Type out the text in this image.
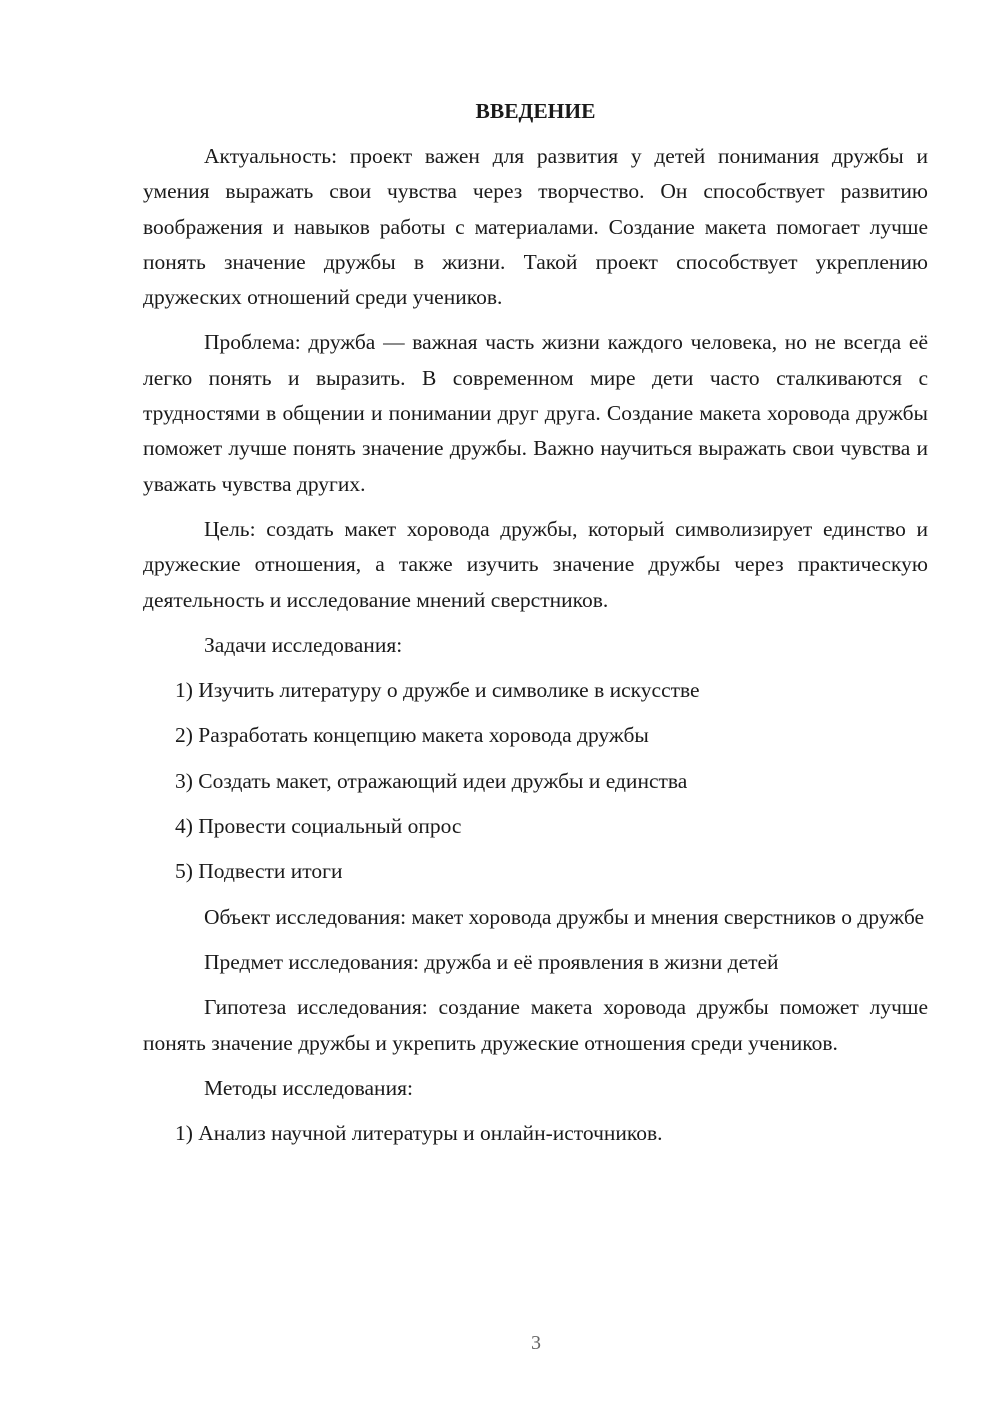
ВВЕДЕНИЕ

Актуальность: проект важен для развития у детей понимания дружбы и умения выражать свои чувства через творчество. Он способствует развитию воображения и навыков работы с материалами. Создание макета помогает лучше понять значение дружбы в жизни. Такой проект способствует укреплению дружеских отношений среди учеников.

Проблема: дружба — важная часть жизни каждого человека, но не всегда её легко понять и выразить. В современном мире дети часто сталкиваются с трудностями в общении и понимании друг друга. Создание макета хоровода дружбы поможет лучше понять значение дружбы. Важно научиться выражать свои чувства и уважать чувства других.

Цель: создать макет хоровода дружбы, который символизирует единство и дружеские отношения, а также изучить значение дружбы через практическую деятельность и исследование мнений сверстников.

Задачи исследования:

1) Изучить литературу о дружбе и символике в искусстве

2) Разработать концепцию макета хоровода дружбы

3) Создать макет, отражающий идеи дружбы и единства

4) Провести социальный опрос

5) Подвести итоги

Объект исследования: макет хоровода дружбы и мнения сверстников о дружбе

Предмет исследования: дружба и её проявления в жизни детей

Гипотеза исследования: создание макета хоровода дружбы поможет лучше понять значение дружбы и укрепить дружеские отношения среди учеников.

Методы исследования:

1) Анализ научной литературы и онлайн-источников.

3
